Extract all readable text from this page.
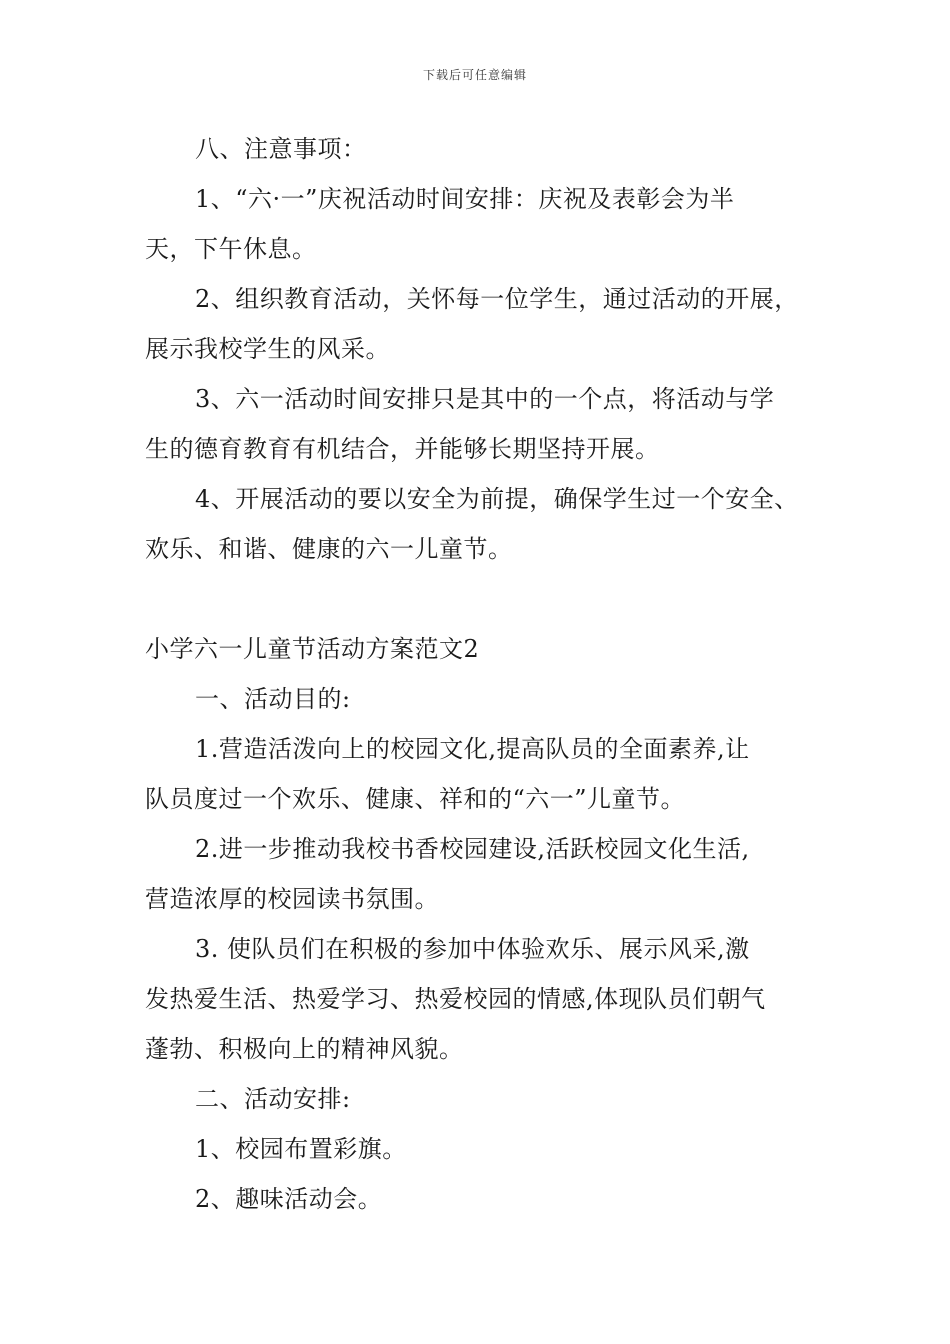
下载后可任意编辑
八、注意事项：
1、“六·一”庆祝活动时间安排：庆祝及表彰会为半
天，下午休息。
2、组织教育活动，关怀每一位学生，通过活动的开展，
展示我校学生的风采。
3、六一活动时间安排只是其中的一个点，将活动与学
生的德育教育有机结合，并能够长期坚持开展。
4、开展活动的要以安全为前提，确保学生过一个安全、
欢乐、和谐、健康的六一儿童节。
小学六一儿童节活动方案范文2
一、活动目的:
1.营造活泼向上的校园文化,提高队员的全面素养,让
队员度过一个欢乐、健康、祥和的“六一”儿童节。
2.进一步推动我校书香校园建设,活跃校园文化生活,
营造浓厚的校园读书氛围。
3. 使队员们在积极的参加中体验欢乐、展示风采,激
发热爱生活、热爱学习、热爱校园的情感,体现队员们朝气
蓬勃、积极向上的精神风貌。
二、活动安排:
1、校园布置彩旗。
2、趣味活动会。
